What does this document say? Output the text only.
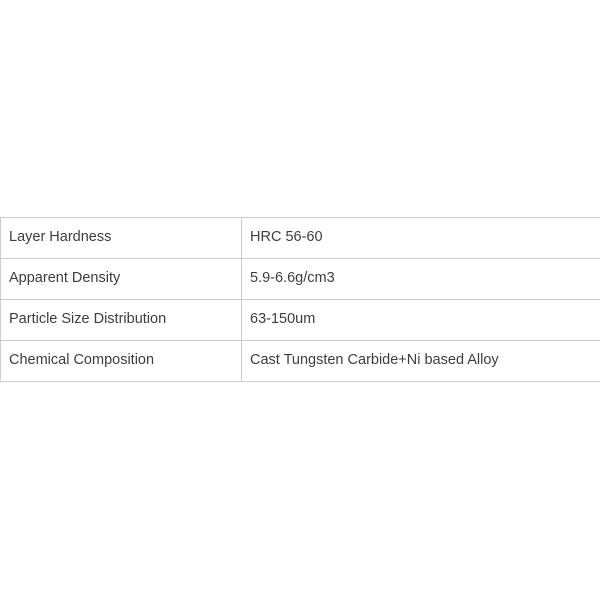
Layer Hardness	HRC 56-60
Apparent Density	5.9-6.6g/cm3
Particle Size Distribution	63-150um
Chemical Composition	Cast Tungsten Carbide+Ni based Alloy
